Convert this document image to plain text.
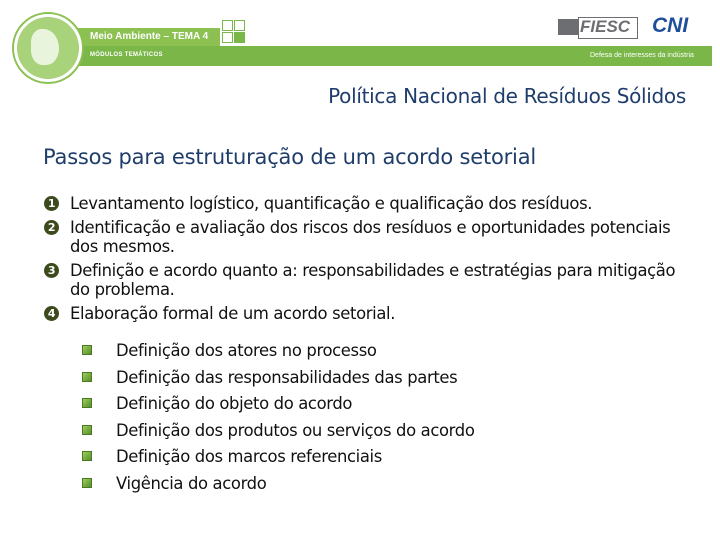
Meio Ambiente – TEMA 4
MÓDULOS TEMÁTICOS
FIESC CNI
Defesa de interesses da indústria
Política Nacional de Resíduos Sólidos
Passos para estruturação de um acordo setorial
1 Levantamento logístico, quantificação e qualificação dos resíduos.
2 Identificação e avaliação dos riscos dos resíduos e oportunidades potenciais dos mesmos.
3 Definição e acordo quanto a: responsabilidades e estratégias para mitigação do problema.
4 Elaboração formal de um acordo setorial.
Definição dos atores no processo
Definição das responsabilidades das partes
Definição do objeto do acordo
Definição dos produtos ou serviços do acordo
Definição dos marcos referenciais
Vigência do acordo
